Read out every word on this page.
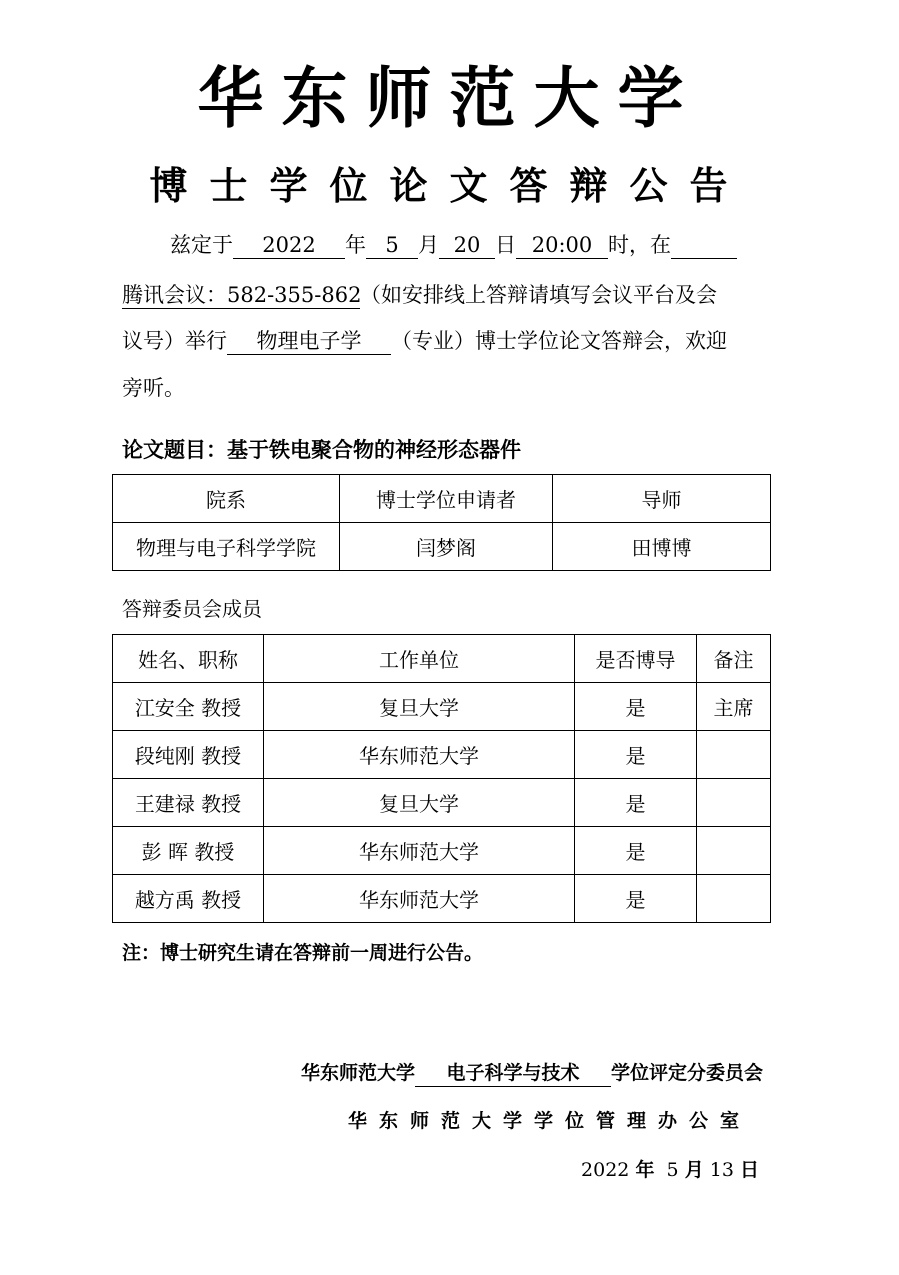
华东师范大学
博士学位论文答辩公告
兹定于 2022 年 5 月 20 日 20:00 时，在
腾讯会议：582-355-862（如安排线上答辩请填写会议平台及会
议号）举行 物理电子学 （专业）博士学位论文答辩会，欢迎
旁听。
论文题目：基于铁电聚合物的神经形态器件
院系	博士学位申请者	导师
物理与电子科学学院	闫梦阁	田博博
答辩委员会成员
姓名、职称	工作单位	是否博导	备注
江安全 教授	复旦大学	是	主席
段纯刚 教授	华东师范大学	是	
王建禄 教授	复旦大学	是	
彭 晖 教授	华东师范大学	是	
越方禹 教授	华东师范大学	是	
注：博士研究生请在答辩前一周进行公告。
华东师范大学 电子科学与技术 学位评定分委员会
华东师范大学学位管理办公室
2022 年 5 月 13 日
